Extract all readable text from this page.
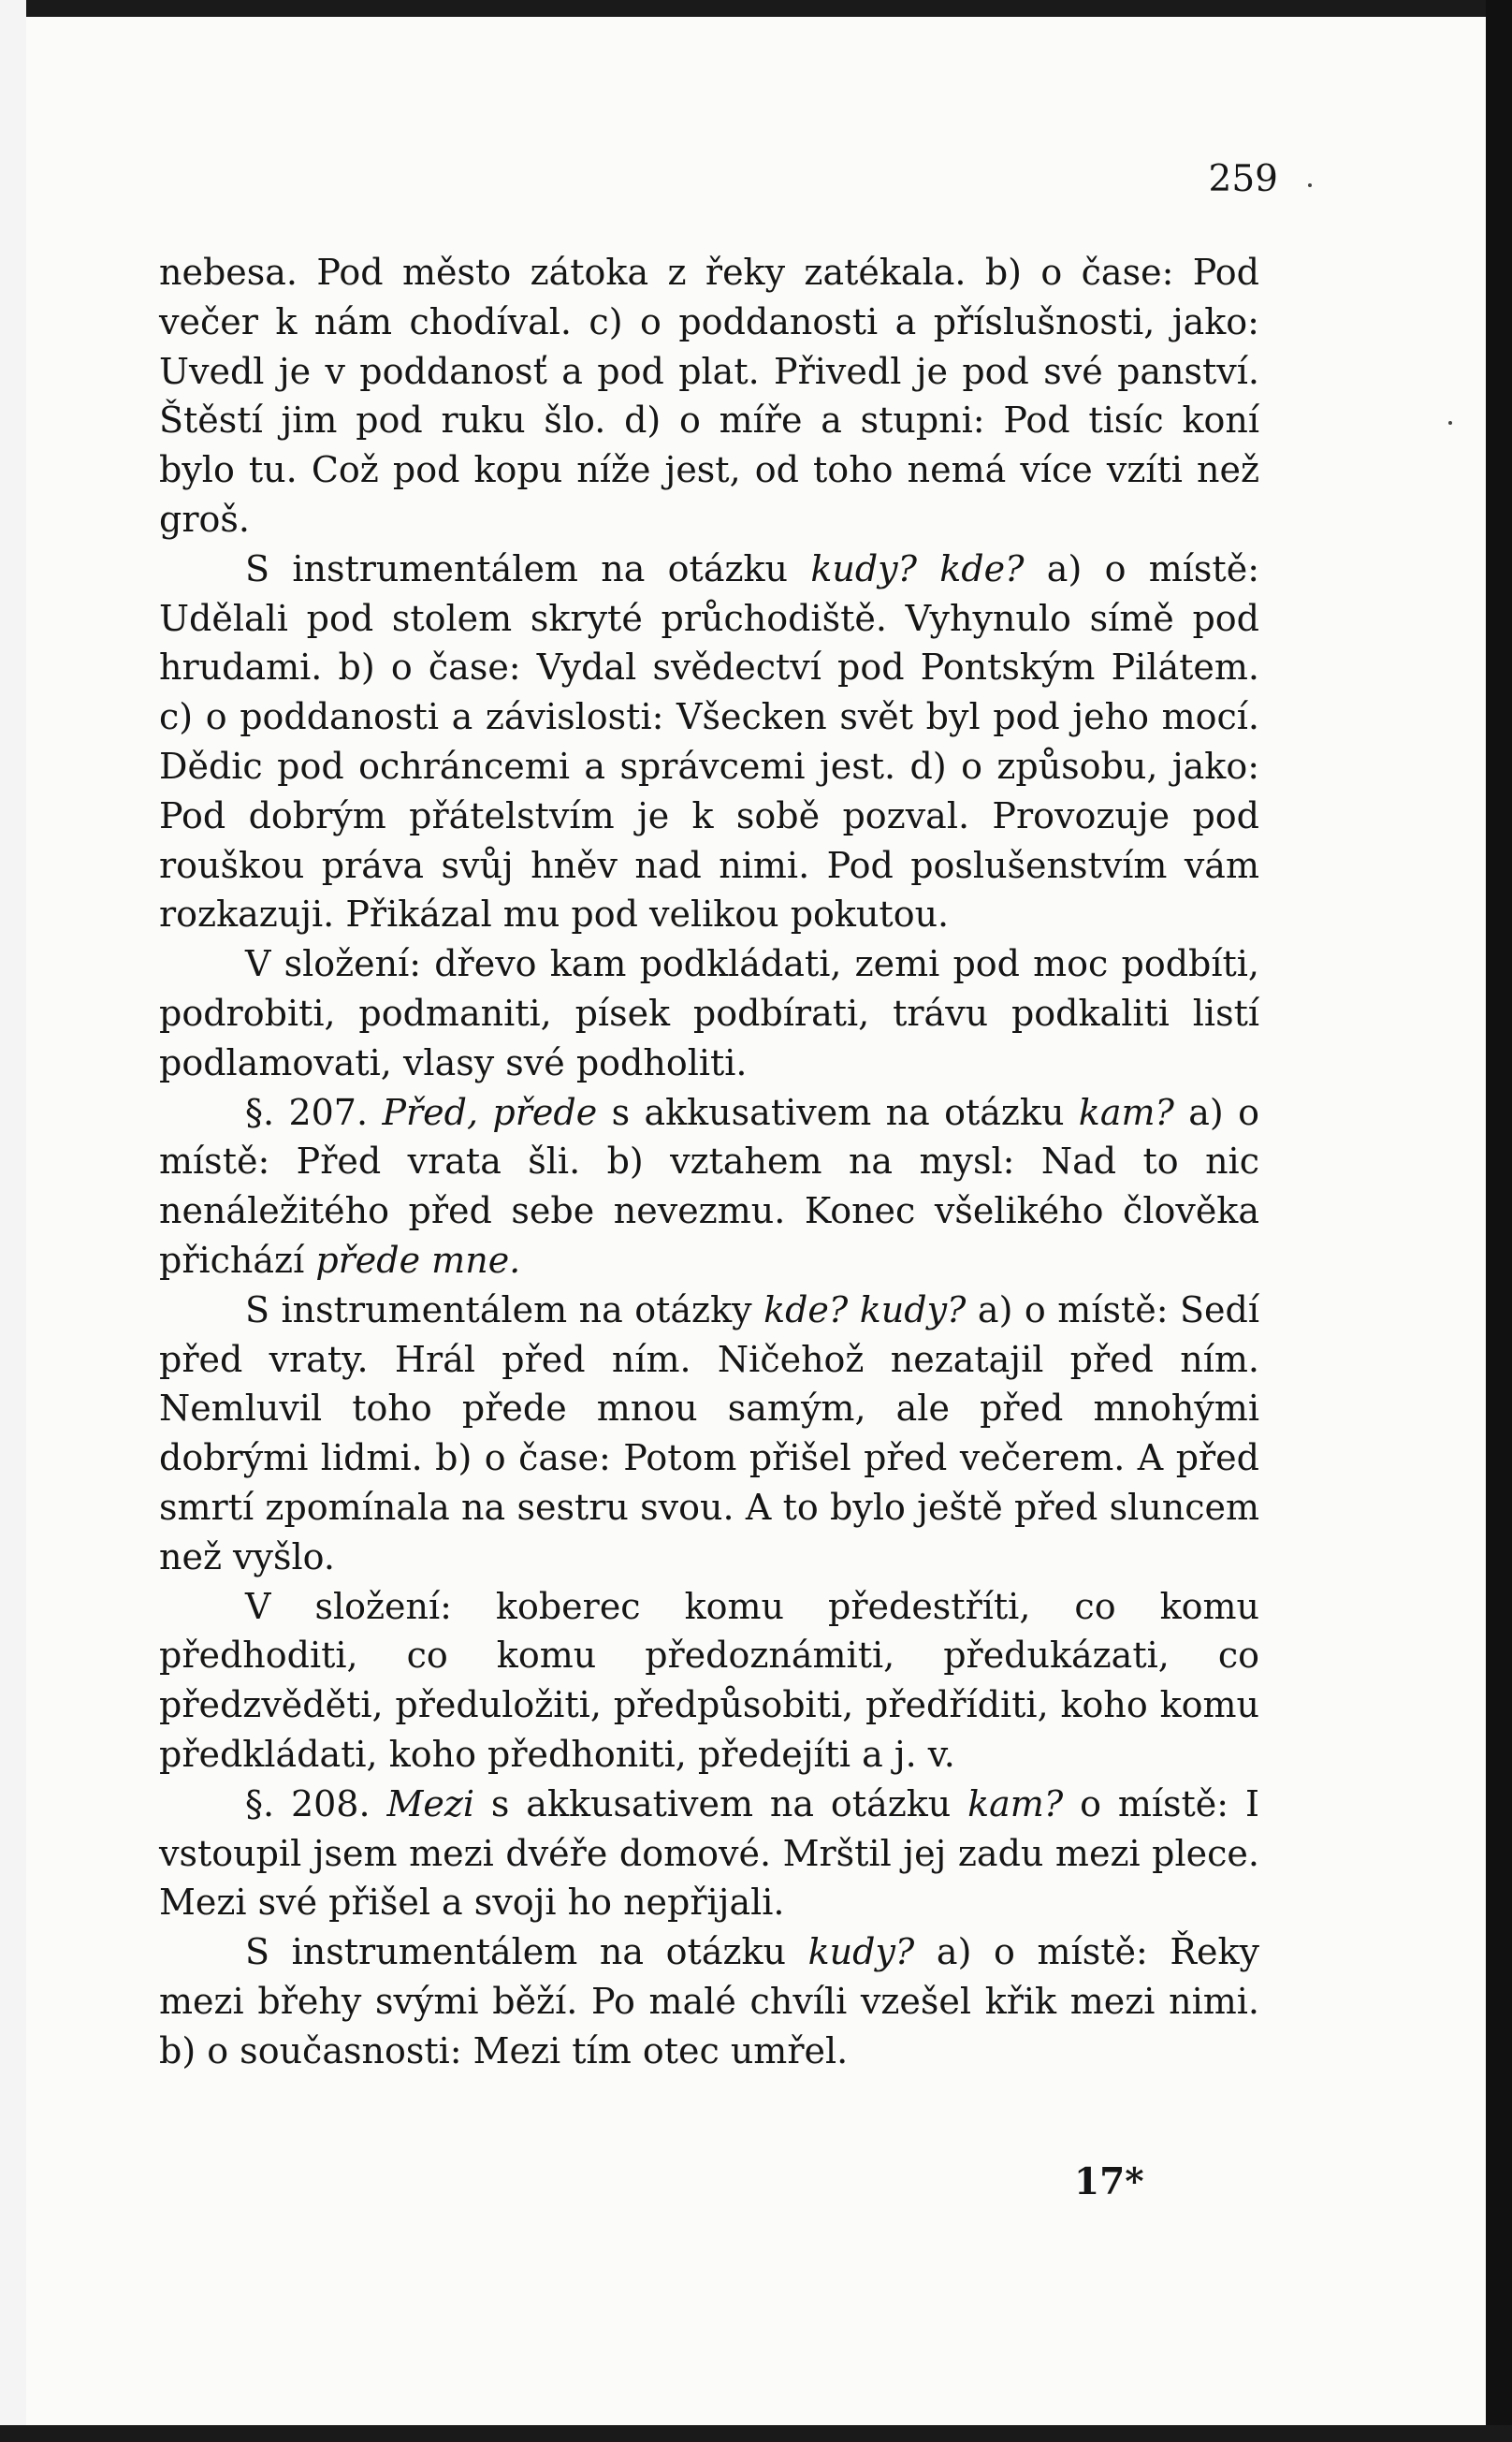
259

nebesa. Pod město zátoka z řeky zatékala. b) o čase: Pod večer k nám chodíval. c) o poddanosti a příslušnosti, jako: Uvedl je v poddanosť a pod plat. Přivedl je pod své panství. Štěstí jim pod ruku šlo. d) o míře a stupni: Pod tisíc koní bylo tu. Což pod kopu níže jest, od toho nemá více vzíti než groš.

S instrumentálem na otázku kudy? kde? a) o místě: Udělali pod stolem skryté průchodiště. Vyhynulo símě pod hrudami. b) o čase: Vydal svědectví pod Pontským Pilátem. c) o poddanosti a závislosti: Všecken svět byl pod jeho mocí. Dědic pod ochráncemi a správcemi jest. d) o způsobu, jako: Pod dobrým přátelstvím je k sobě pozval. Provozuje pod rouškou práva svůj hněv nad nimi. Pod poslušenstvím vám rozkazuji. Přikázal mu pod velikou pokutou.

V složení: dřevo kam podkládati, zemi pod moc podbíti, podrobiti, podmaniti, písek podbírati, trávu podkaliti listí podlamovati, vlasy své podholiti.

§. 207. Před, přede s akkusativem na otázku kam? a) o místě: Před vrata šli. b) vztahem na mysl: Nad to nic nenáležitého před sebe nevezmu. Konec všelikého člověka přichází přede mne.

S instrumentálem na otázky kde? kudy? a) o místě: Sedí před vraty. Hrál před ním. Ničehož nezatajil před ním. Nemluvil toho přede mnou samým, ale před mnohými dobrými lidmi. b) o čase: Potom přišel před večerem. A před smrtí zpomínala na sestru svou. A to bylo ještě před sluncem než vyšlo.

V složení: koberec komu předestříti, co komu předhoditi, co komu předoznámiti, předukázati, co předzvěděti, předuložiti, předpůsobiti, předříditi, koho komu předkládati, koho předhoniti, předejíti a j. v.

§. 208. Mezi s akkusativem na otázku kam? o místě: I vstoupil jsem mezi dvéře domové. Mrštil jej zadu mezi plece. Mezi své přišel a svoji ho nepřijali.

S instrumentálem na otázku kudy? a) o místě: Řeky mezi břehy svými běží. Po malé chvíli vzešel křik mezi nimi. b) o současnosti: Mezi tím otec umřel.

17*
